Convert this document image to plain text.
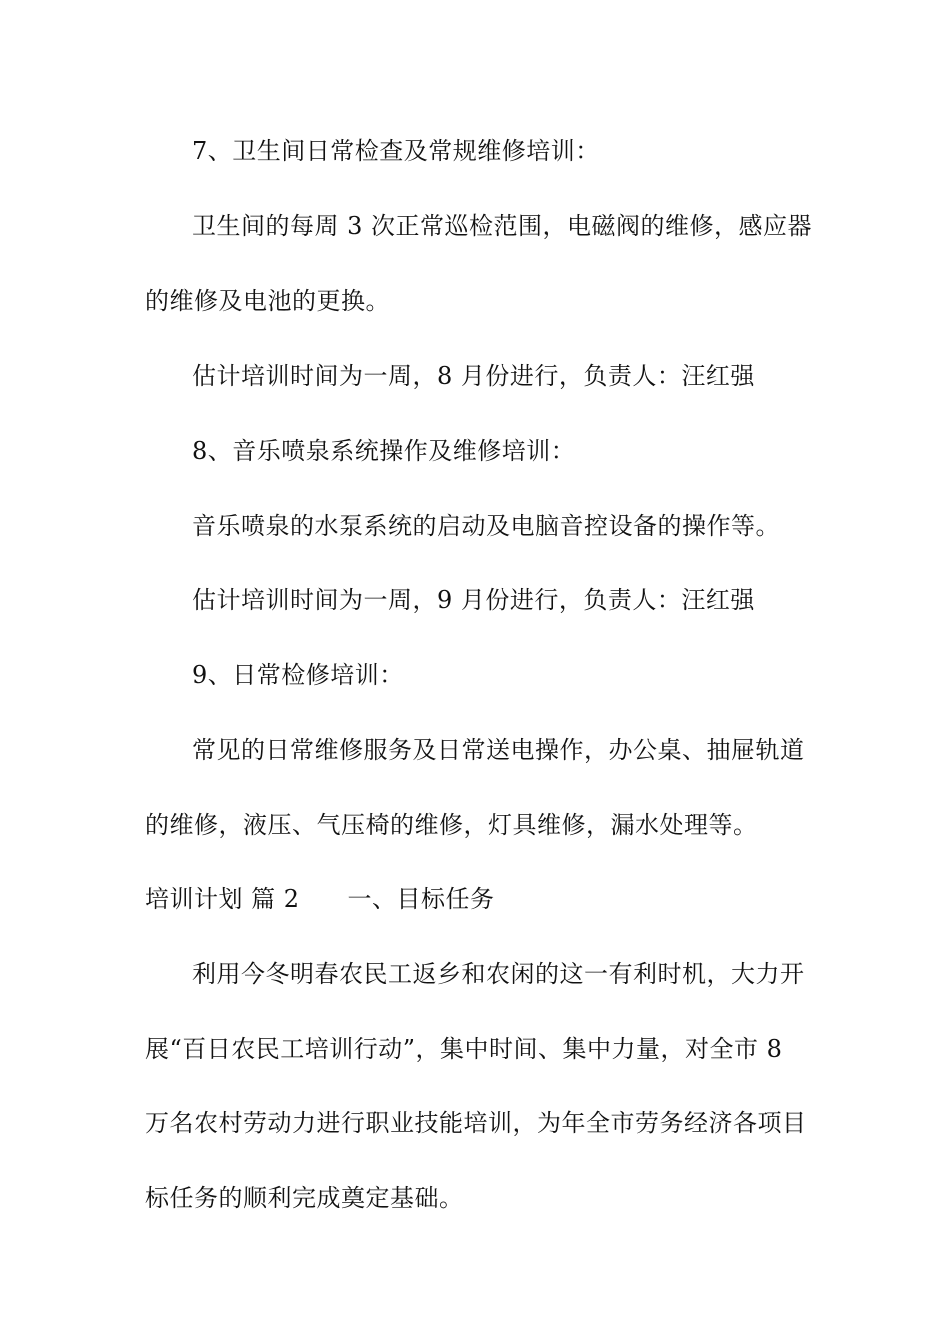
7、卫生间日常检查及常规维修培训：
卫生间的每周 3 次正常巡检范围，电磁阀的维修，感应器
的维修及电池的更换。
估计培训时间为一周，8 月份进行，负责人：汪红强
8、音乐喷泉系统操作及维修培训：
音乐喷泉的水泵系统的启动及电脑音控设备的操作等。
估计培训时间为一周，9 月份进行，负责人：汪红强
9、日常检修培训：
常见的日常维修服务及日常送电操作，办公桌、抽屉轨道
的维修，液压、气压椅的维修，灯具维修，漏水处理等。
培训计划 篇 2 一、目标任务
利用今冬明春农民工返乡和农闲的这一有利时机，大力开
展“百日农民工培训行动”，集中时间、集中力量，对全市 8
万名农村劳动力进行职业技能培训，为年全市劳务经济各项目
标任务的顺利完成奠定基础。
